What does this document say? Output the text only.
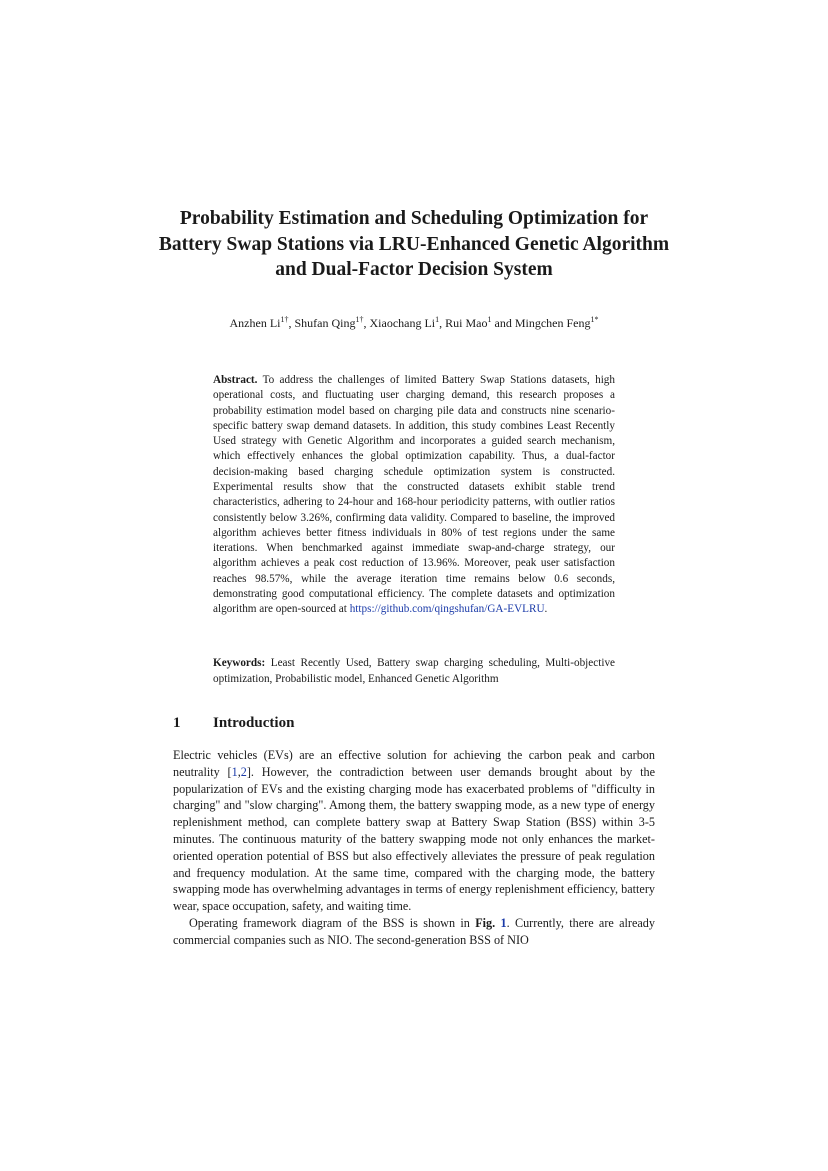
Probability Estimation and Scheduling Optimization for Battery Swap Stations via LRU-Enhanced Genetic Algorithm and Dual-Factor Decision System
Anzhen $Li^{1\dagger}$, Shufan Qing$^{1\dagger}$, Xiaochang Li$^1$, Rui Mao$^1$ and Mingchen Feng$^{1*}$
Abstract. To address the challenges of limited Battery Swap Stations datasets, high operational costs, and fluctuating user charging demand, this research proposes a probability estimation model based on charging pile data and constructs nine scenario-specific battery swap demand datasets. In addition, this study combines Least Recently Used strategy with Genetic Algorithm and incorporates a guided search mechanism, which effectively enhances the global optimization capability. Thus, a dual-factor decision-making based charging schedule optimization system is constructed. Experimental results show that the constructed datasets exhibit stable trend characteristics, adhering to 24-hour and 168-hour periodicity patterns, with outlier ratios consistently below 3.26%, confirming data validity. Compared to baseline, the improved algorithm achieves better fitness individuals in 80% of test regions under the same iterations. When benchmarked against immediate swap-and-charge strategy, our algorithm achieves a peak cost reduction of 13.96%. Moreover, peak user satisfaction reaches 98.57%, while the average iteration time remains below 0.6 seconds, demonstrating good computational efficiency. The complete datasets and optimization algorithm are open-sourced at https://github.com/qingshufan/GA-EVLRU.
Keywords: Least Recently Used, Battery swap charging scheduling, Multi-objective optimization, Probabilistic model, Enhanced Genetic Algorithm
1 Introduction

Electric vehicles (EVs) are an effective solution for achieving the carbon peak and carbon neutrality [1,2]. However, the contradiction between user demands brought about by the popularization of EVs and the existing charging mode has exacerbated problems of "difficulty in charging" and "slow charging". Among them, the battery swapping mode, as a new type of energy replenishment method, can complete battery swap at Battery Swap Station (BSS) within 3-5 minutes. The continuous maturity of the battery swapping mode not only enhances the market-oriented operation potential of BSS but also effectively alleviates the pressure of peak regulation and frequency modulation. At the same time, compared with the charging mode, the battery swapping mode has overwhelming advantages in terms of energy replenishment efficiency, battery wear, space occupation, safety, and waiting time.

Operating framework diagram of the BSS is shown in Fig. 1. Currently, there are already commercial companies such as NIO. The second-generation BSS of NIO
